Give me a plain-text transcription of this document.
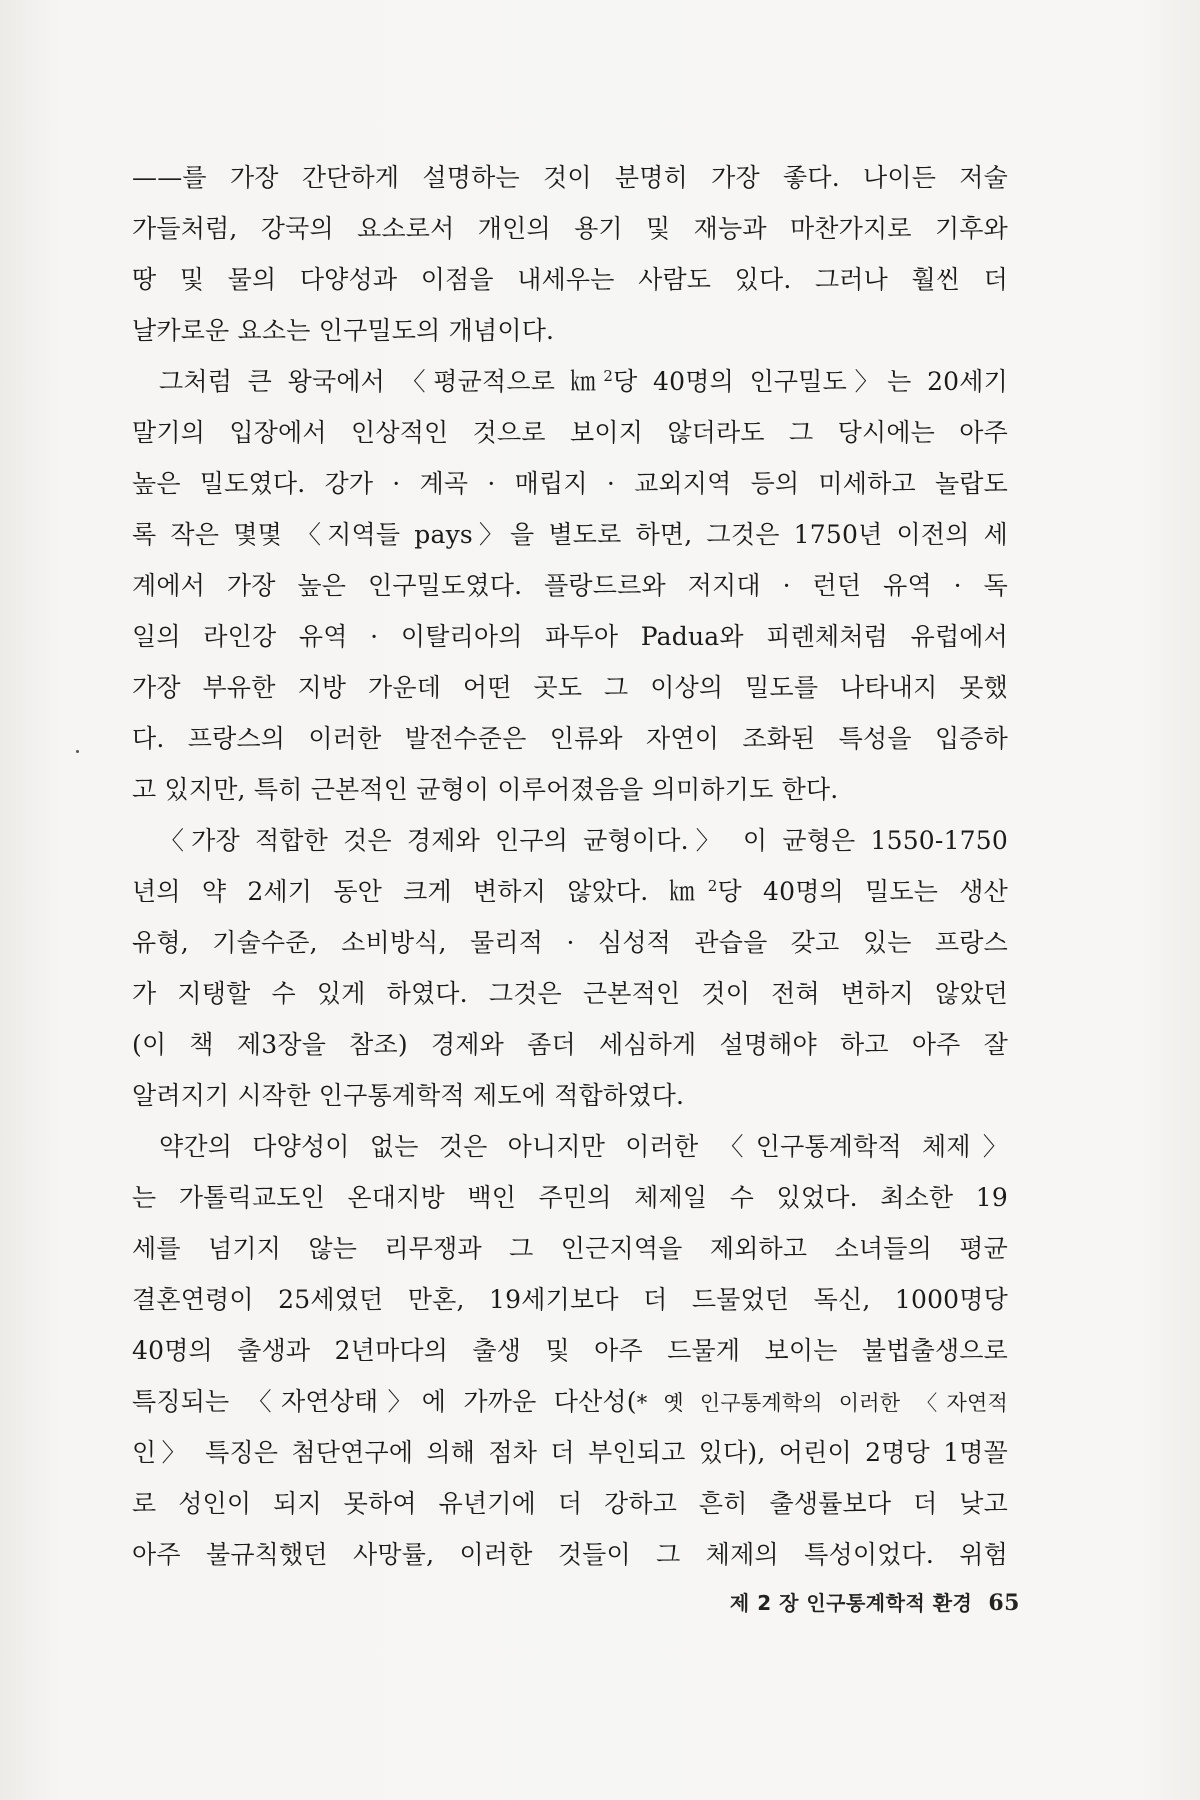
——를 가장 간단하게 설명하는 것이 분명히 가장 좋다. 나이든 저술
가들처럼, 강국의 요소로서 개인의 용기 및 재능과 마찬가지로 기후와
땅 및 물의 다양성과 이점을 내세우는 사람도 있다. 그러나 훨씬 더
날카로운 요소는 인구밀도의 개념이다.
그처럼 큰 왕국에서 〈평균적으로 ㎞$^2$당 40명의 인구밀도〉는 20세기
말기의 입장에서 인상적인 것으로 보이지 않더라도 그 당시에는 아주
높은 밀도였다. 강가 · 계곡 · 매립지 · 교외지역 등의 미세하고 놀랍도
록 작은 몇몇 〈지역들 pays〉을 별도로 하면, 그것은 1750년 이전의 세
계에서 가장 높은 인구밀도였다. 플랑드르와 저지대 · 런던 유역 · 독
일의 라인강 유역 · 이탈리아의 파두아 Padua와 피렌체처럼 유럽에서
가장 부유한 지방 가운데 어떤 곳도 그 이상의 밀도를 나타내지 못했
다. 프랑스의 이러한 발전수준은 인류와 자연이 조화된 특성을 입증하
고 있지만, 특히 근본적인 균형이 이루어졌음을 의미하기도 한다.
〈가장 적합한 것은 경제와 인구의 균형이다.〉 이 균형은 1550-1750
년의 약 2세기 동안 크게 변하지 않았다. ㎞$^2$당 40명의 밀도는 생산
유형, 기술수준, 소비방식, 물리적 · 심성적 관습을 갖고 있는 프랑스
가 지탱할 수 있게 하였다. 그것은 근본적인 것이 전혀 변하지 않았던
(이 책 제3장을 참조) 경제와 좀더 세심하게 설명해야 하고 아주 잘
알려지기 시작한 인구통계학적 제도에 적합하였다.
약간의 다양성이 없는 것은 아니지만 이러한 〈인구통계학적 체제〉
는 가톨릭교도인 온대지방 백인 주민의 체제일 수 있었다. 최소한 19
세를 넘기지 않는 리무쟁과 그 인근지역을 제외하고 소녀들의 평균
결혼연령이 25세였던 만혼, 19세기보다 더 드물었던 독신, 1000명당
40명의 출생과 2년마다의 출생 및 아주 드물게 보이는 불법출생으로
특징되는 〈자연상태〉에 가까운 다산성(* 옛 인구통계학의 이러한 〈자연적
인〉 특징은 첨단연구에 의해 점차 더 부인되고 있다), 어린이 2명당 1명꼴
로 성인이 되지 못하여 유년기에 더 강하고 흔히 출생률보다 더 낮고
아주 불규칙했던 사망률, 이러한 것들이 그 체제의 특성이었다. 위험
제 2 장 인구통계학적 환경 65
